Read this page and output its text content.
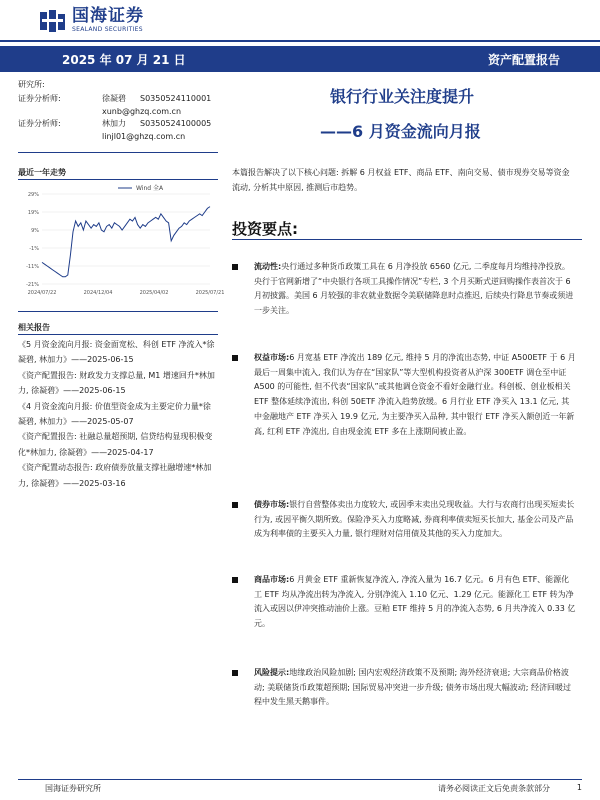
国海证券
SEALAND SECURITIES
2025 年 07 月 21 日	资产配置报告
研究所:
证券分析师:	徐凝碧 S0350524110001
xunb@ghzq.com.cn
证券分析师:	林加力 S0350524100005
linjl01@ghzq.com.cn
银行行业关注度提升
——6 月资金流向月报
最近一年走势
29%
19%
9%
-1%
-11%
-21%
2024/07/22	2024/12/04	2025/04/02	2025/07/21
Wind 全A
相关报告
《5 月资金流向月报: 资金面宽松、科创 ETF 净流入*徐凝碧, 林加力》——2025-06-15
《资产配置报告: 财政发力支撑总量, M1 增速回升*林加力, 徐凝碧》——2025-06-15
《4 月资金流向月报: 价值型资金成为主要定价力量*徐凝碧, 林加力》——2025-05-07
《资产配置报告: 社融总量超预期, 信贷结构显现积极变化*林加力, 徐凝碧》——2025-04-17
《资产配置动态报告: 政府债券放量支撑社融增速*林加力, 徐凝碧》——2025-03-16
本篇报告解决了以下核心问题: 拆解 6 月权益 ETF、商品 ETF、南向交易、债市现券交易等资金流动, 分析其中原因, 推测后市趋势。
投资要点:
流动性:央行通过多种货币政策工具在 6 月净投放 6560 亿元, 二季度每月均维持净投放。央行于官网新增了“中央银行各项工具操作情况”专栏, 3 个月买断式逆回购操作表首次于 6 月初披露。美国 6 月较强的非农就业数据令美联储降息时点推迟, 后续央行降息节奏或须进一步关注。
权益市场:6 月宽基 ETF 净流出 189 亿元, 维持 5 月的净流出态势, 中证 A500ETF 于 6 月最后一周集中流入, 我们认为存在“国家队”等大型机构投资者从沪深 300ETF 调仓至中证 A500 的可能性, 但不代表“国家队”或其他调仓资金不看好金融行业。科创板、创业板相关 ETF 整体延续净流出, 科创 50ETF 净流入趋势放缓。6 月行业 ETF 净买入 13.1 亿元, 其中金融地产 ETF 净买入 19.9 亿元, 为主要净买入品种, 其中银行 ETF 净买入额创近一年新高, 红利 ETF 净流出, 自由现金流 ETF 多在上涨期间被止盈。
债券市场:银行自营整体卖出力度较大, 或因季末卖出兑现收益。大行与农商行出现买短卖长行为, 或因平衡久期所致。保险净买入力度略减, 券商利率债卖短买长加大, 基金公司及产品成为利率债的主要买入力量, 银行理财对信用债及其他的买入力度加大。
商品市场:6 月黄金 ETF 重新恢复净流入, 净流入量为 16.7 亿元。6 月有色 ETF、能源化工 ETF 均从净流出转为净流入, 分别净流入 1.10 亿元、1.29 亿元。能源化工 ETF 转为净流入或因以伊冲突推动油价上涨。豆粕 ETF 维持 5 月的净流入态势, 6 月共净流入 0.33 亿元。
风险提示:地缘政治风险加剧; 国内宏观经济政策不及预期; 海外经济衰退; 大宗商品价格波动; 美联储货币政策超预期; 国际贸易冲突进一步升级; 债务市场出现大幅波动; 经济回暖过程中发生黑天鹅事件。
国海证券研究所	请务必阅读正文后免责条款部分	1
